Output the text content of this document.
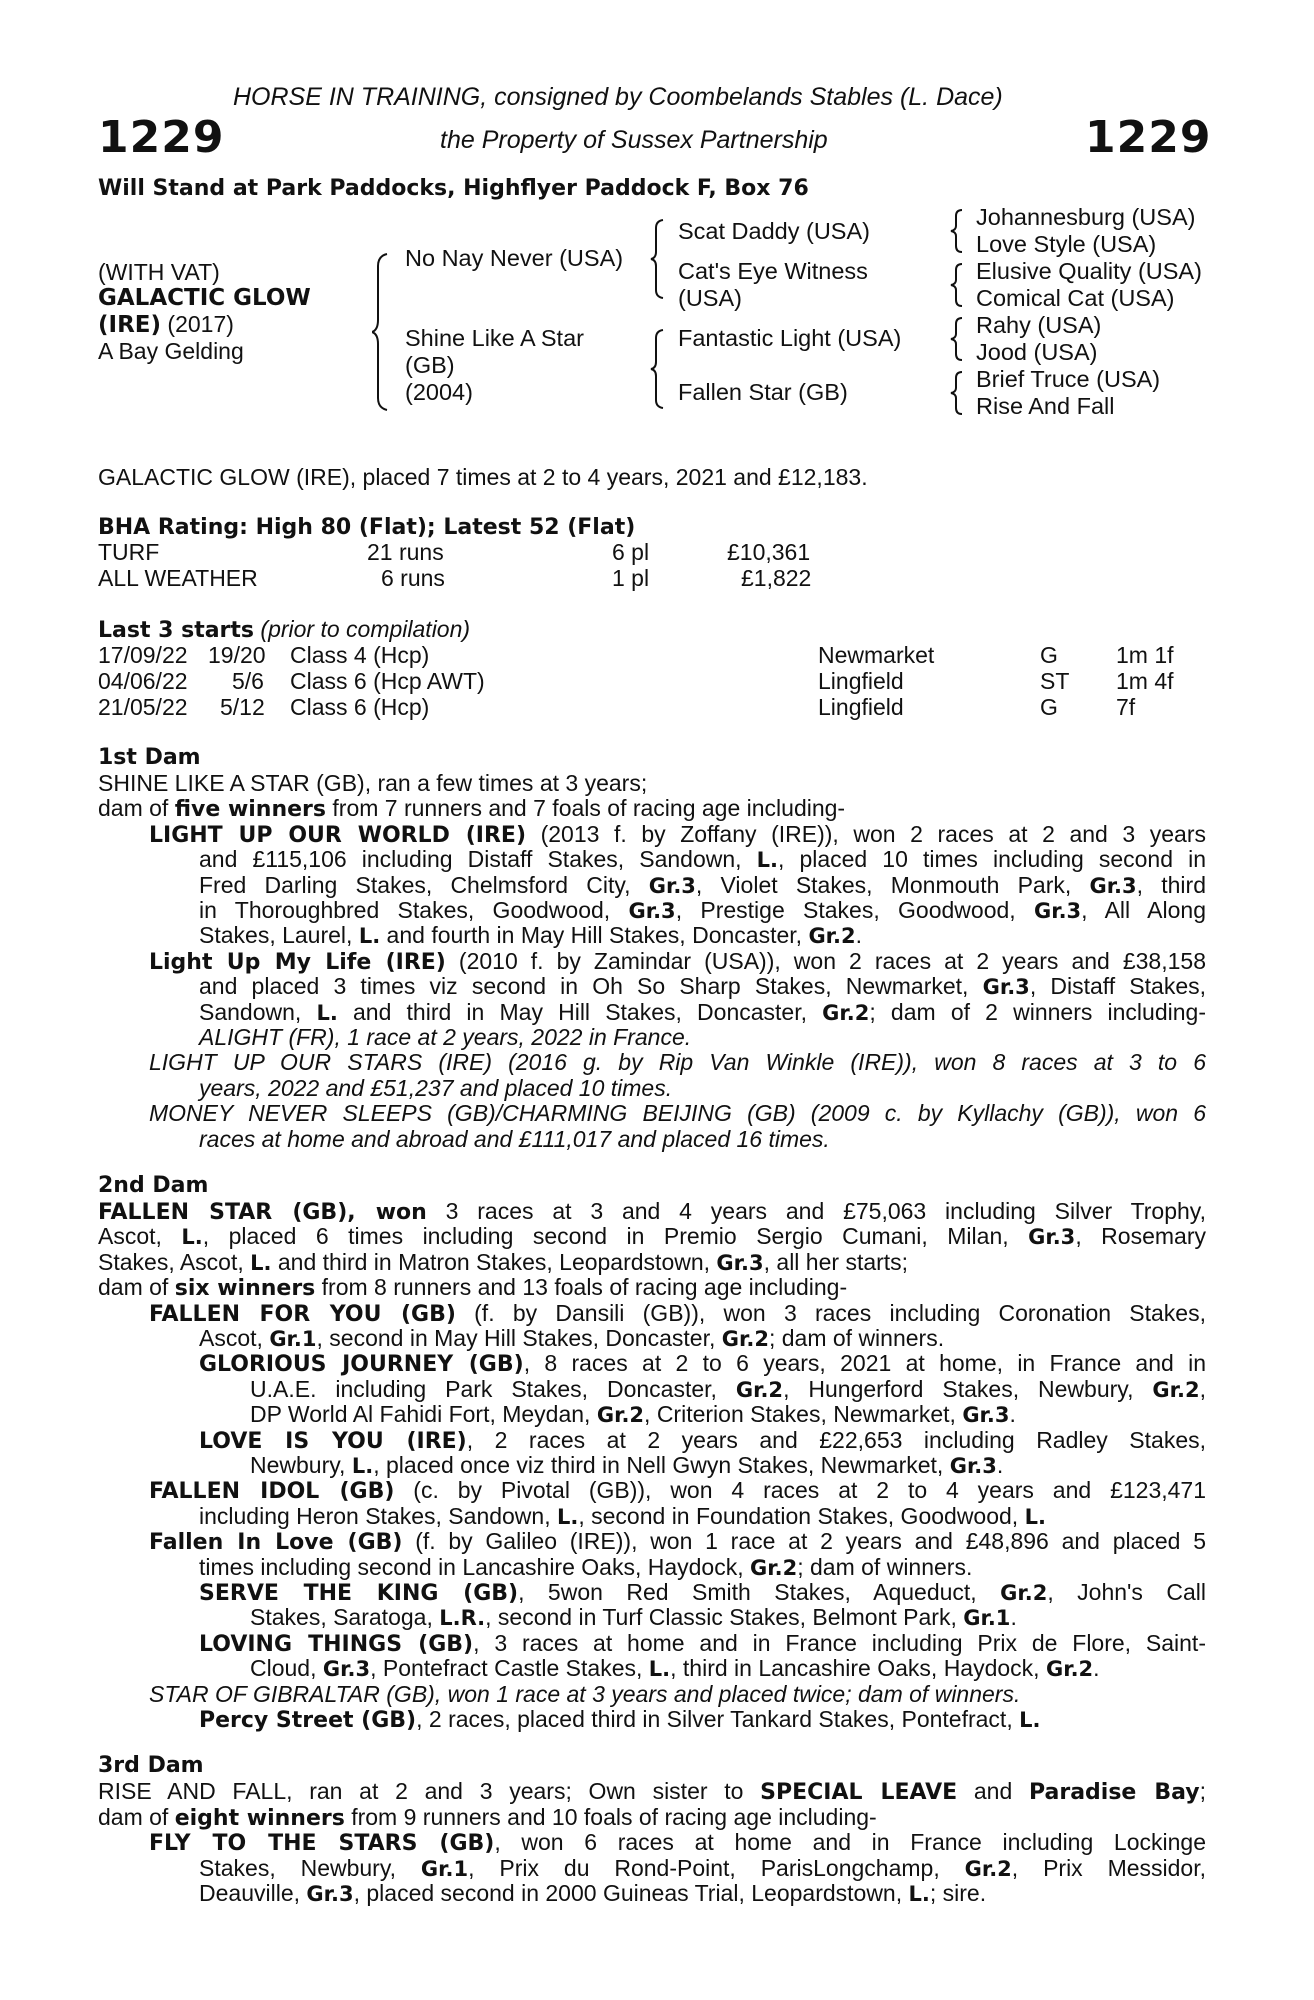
1229	1229
HORSE IN TRAINING, consigned by Coombelands Stables (L. Dace)
the Property of Sussex Partnership
Will Stand at Park Paddocks, Highflyer Paddock F, Box 76
(WITH VAT)
GALACTIC GLOW
(IRE) (2017)
A Bay Gelding
No Nay Never (USA)
Shine Like A Star
(GB)
(2004)
Scat Daddy (USA)
Cat's Eye Witness
(USA)
Fantastic Light (USA)
Fallen Star (GB)
Johannesburg (USA)
Love Style (USA)
Elusive Quality (USA)
Comical Cat (USA)
Rahy (USA)
Jood (USA)
Brief Truce (USA)
Rise And Fall
GALACTIC GLOW (IRE), placed 7 times at 2 to 4 years, 2021 and £12,183.
BHA Rating: High 80 (Flat); Latest 52 (Flat)
TURF	21 runs	6 pl	£10,361
ALL WEATHER	6 runs	1 pl	£1,822
Last 3 starts (prior to compilation)
17/09/22 19/20 Class 4 (Hcp)	Newmarket	G	1m 1f
04/06/22 5/6 Class 6 (Hcp AWT)	Lingfield	ST 1m 4f
21/05/22 5/12 Class 6 (Hcp)	Lingfield	G	7f
1st Dam
SHINE LIKE A STAR (GB), ran a few times at 3 years;
dam of five winners from 7 runners and 7 foals of racing age including-
LIGHT UP OUR WORLD (IRE) (2013 f. by Zoffany (IRE)), won 2 races at 2 and 3 years
and £115,106 including Distaff Stakes, Sandown, L., placed 10 times including second in
Fred Darling Stakes, Chelmsford City, Gr.3, Violet Stakes, Monmouth Park, Gr.3, third
in Thoroughbred Stakes, Goodwood, Gr.3, Prestige Stakes, Goodwood, Gr.3, All Along
Stakes, Laurel, L. and fourth in May Hill Stakes, Doncaster, Gr.2.
Light Up My Life (IRE) (2010 f. by Zamindar (USA)), won 2 races at 2 years and £38,158
and placed 3 times viz second in Oh So Sharp Stakes, Newmarket, Gr.3, Distaff Stakes,
Sandown, L. and third in May Hill Stakes, Doncaster, Gr.2; dam of 2 winners including-
ALIGHT (FR), 1 race at 2 years, 2022 in France.
LIGHT UP OUR STARS (IRE) (2016 g. by Rip Van Winkle (IRE)), won 8 races at 3 to 6
years, 2022 and £51,237 and placed 10 times.
MONEY NEVER SLEEPS (GB)/CHARMING BEIJING (GB) (2009 c. by Kyllachy (GB)), won 6
races at home and abroad and £111,017 and placed 16 times.
2nd Dam
FALLEN STAR (GB), won 3 races at 3 and 4 years and £75,063 including Silver Trophy,
Ascot, L., placed 6 times including second in Premio Sergio Cumani, Milan, Gr.3, Rosemary
Stakes, Ascot, L. and third in Matron Stakes, Leopardstown, Gr.3, all her starts;
dam of six winners from 8 runners and 13 foals of racing age including-
FALLEN FOR YOU (GB) (f. by Dansili (GB)), won 3 races including Coronation Stakes,
Ascot, Gr.1, second in May Hill Stakes, Doncaster, Gr.2; dam of winners.
GLORIOUS JOURNEY (GB), 8 races at 2 to 6 years, 2021 at home, in France and in
U.A.E. including Park Stakes, Doncaster, Gr.2, Hungerford Stakes, Newbury, Gr.2,
DP World Al Fahidi Fort, Meydan, Gr.2, Criterion Stakes, Newmarket, Gr.3.
LOVE IS YOU (IRE), 2 races at 2 years and £22,653 including Radley Stakes,
Newbury, L., placed once viz third in Nell Gwyn Stakes, Newmarket, Gr.3.
FALLEN IDOL (GB) (c. by Pivotal (GB)), won 4 races at 2 to 4 years and £123,471
including Heron Stakes, Sandown, L., second in Foundation Stakes, Goodwood, L.
Fallen In Love (GB) (f. by Galileo (IRE)), won 1 race at 2 years and £48,896 and placed 5
times including second in Lancashire Oaks, Haydock, Gr.2; dam of winners.
SERVE THE KING (GB), 5won Red Smith Stakes, Aqueduct, Gr.2, John's Call
Stakes, Saratoga, L.R., second in Turf Classic Stakes, Belmont Park, Gr.1.
LOVING THINGS (GB), 3 races at home and in France including Prix de Flore, Saint-
Cloud, Gr.3, Pontefract Castle Stakes, L., third in Lancashire Oaks, Haydock, Gr.2.
STAR OF GIBRALTAR (GB), won 1 race at 3 years and placed twice; dam of winners.
Percy Street (GB), 2 races, placed third in Silver Tankard Stakes, Pontefract, L.
3rd Dam
RISE AND FALL, ran at 2 and 3 years; Own sister to SPECIAL LEAVE and Paradise Bay;
dam of eight winners from 9 runners and 10 foals of racing age including-
FLY TO THE STARS (GB), won 6 races at home and in France including Lockinge
Stakes, Newbury, Gr.1, Prix du Rond-Point, ParisLongchamp, Gr.2, Prix Messidor,
Deauville, Gr.3, placed second in 2000 Guineas Trial, Leopardstown, L.; sire.
